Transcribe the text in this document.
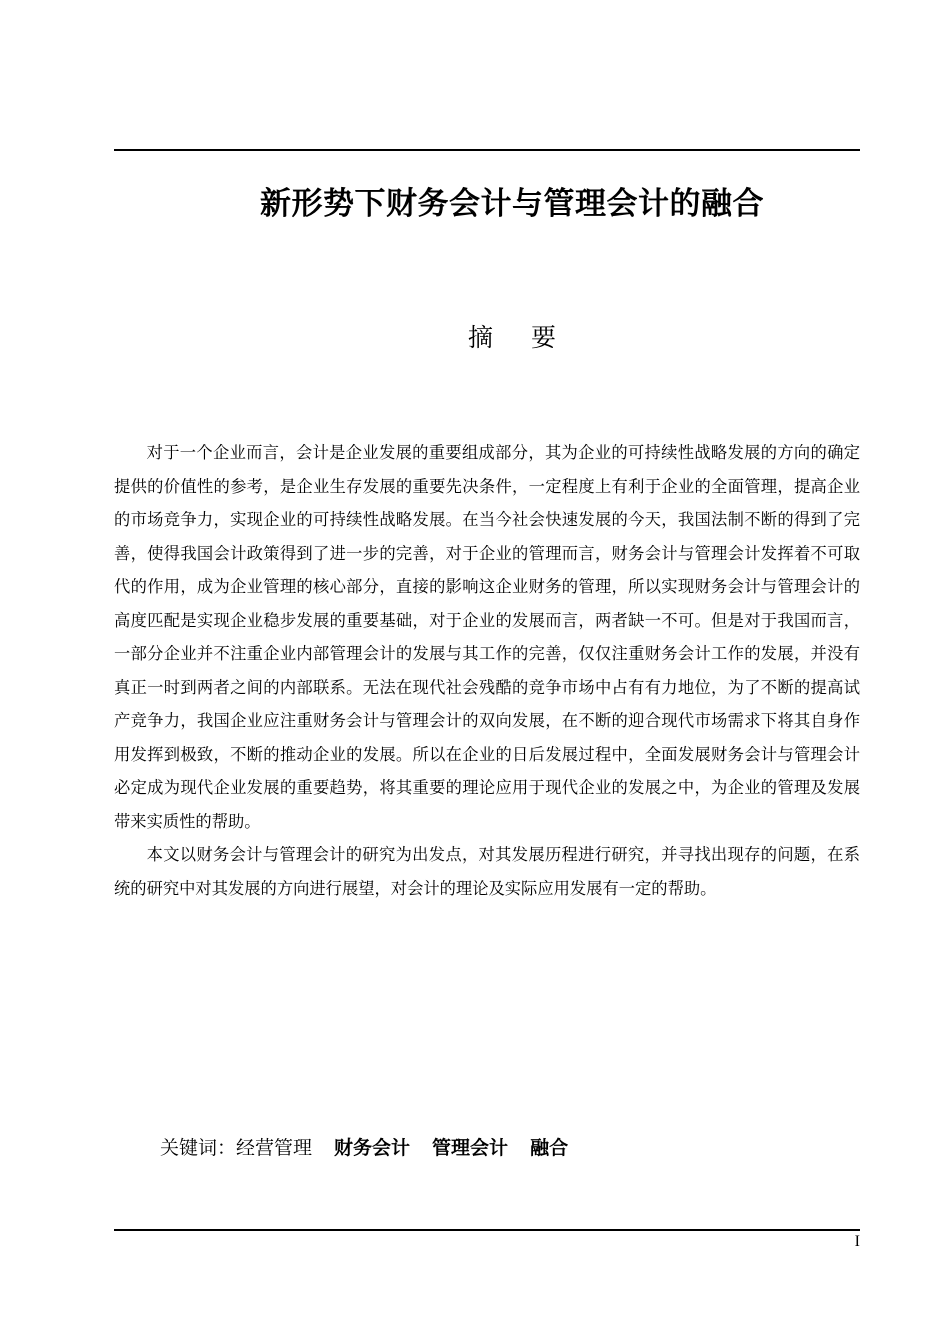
新形势下财务会计与管理会计的融合
摘 要

对于一个企业而言，会计是企业发展的重要组成部分，其为企业的可持续性战略发展的方向的确定提供的价值性的参考，是企业生存发展的重要先决条件，一定程度上有利于企业的全面管理，提高企业的市场竞争力，实现企业的可持续性战略发展。在当今社会快速发展的今天，我国法制不断的得到了完善，使得我国会计政策得到了进一步的完善，对于企业的管理而言，财务会计与管理会计发挥着不可取代的作用，成为企业管理的核心部分，直接的影响这企业财务的管理，所以实现财务会计与管理会计的高度匹配是实现企业稳步发展的重要基础，对于企业的发展而言，两者缺一不可。但是对于我国而言，一部分企业并不注重企业内部管理会计的发展与其工作的完善，仅仅注重财务会计工作的发展，并没有真正一时到两者之间的内部联系。无法在现代社会残酷的竞争市场中占有有力地位，为了不断的提高试产竞争力，我国企业应注重财务会计与管理会计的双向发展，在不断的迎合现代市场需求下将其自身作用发挥到极致，不断的推动企业的发展。所以在企业的日后发展过程中，全面发展财务会计与管理会计必定成为现代企业发展的重要趋势，将其重要的理论应用于现代企业的发展之中，为企业的管理及发展带来实质性的帮助。

本文以财务会计与管理会计的研究为出发点，对其发展历程进行研究，并寻找出现存的问题，在系统的研究中对其发展的方向进行展望，对会计的理论及实际应用发展有一定的帮助。

关键词：经营管理 财务会计 管理会计 融合
I
